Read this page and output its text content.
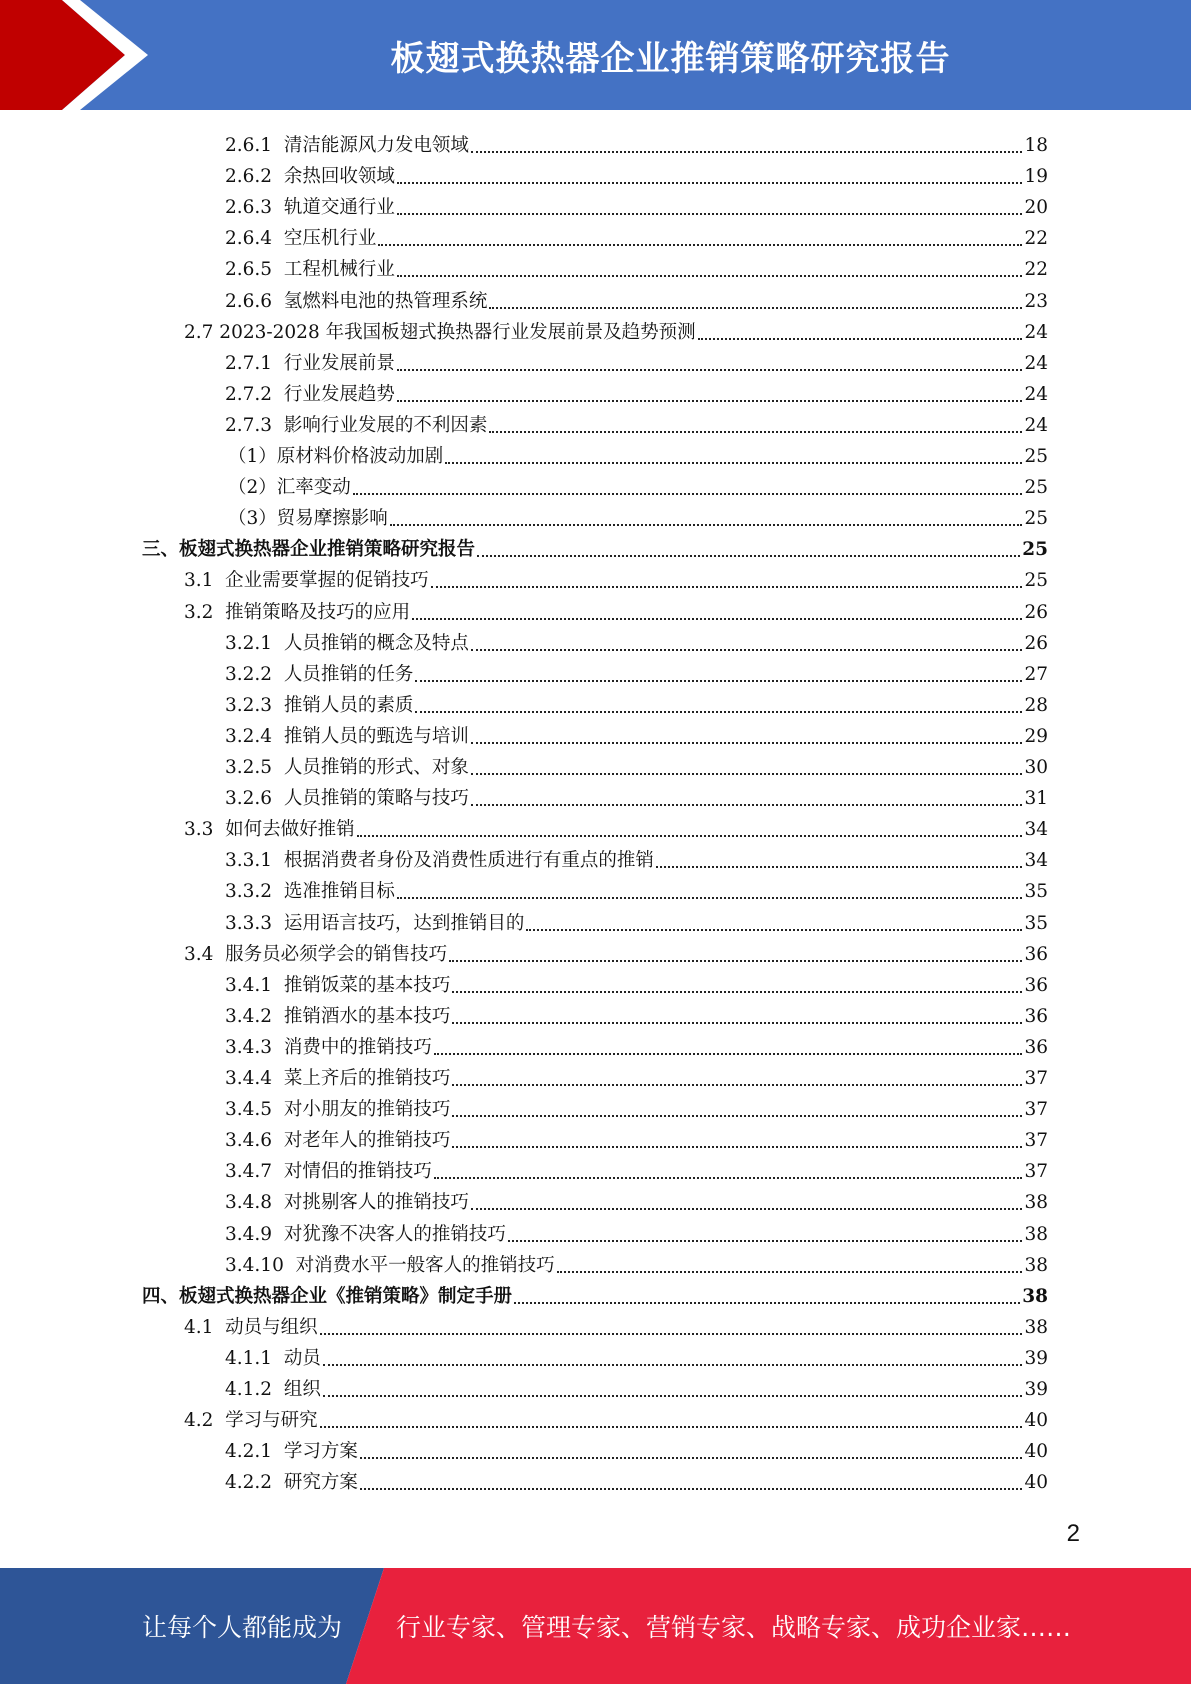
板翅式换热器企业推销策略研究报告
2.6.1  清洁能源风力发电领域	18
2.6.2  余热回收领域	19
2.6.3  轨道交通行业	20
2.6.4  空压机行业	22
2.6.5  工程机械行业	22
2.6.6  氢燃料电池的热管理系统	23
2.7 2023-2028 年我国板翅式换热器行业发展前景及趋势预测	24
2.7.1  行业发展前景	24
2.7.2  行业发展趋势	24
2.7.3  影响行业发展的不利因素	24
（1）原材料价格波动加剧	25
（2）汇率变动	25
（3）贸易摩擦影响	25
三、板翅式换热器企业推销策略研究报告	25
3.1  企业需要掌握的促销技巧	25
3.2  推销策略及技巧的应用	26
3.2.1  人员推销的概念及特点	26
3.2.2  人员推销的任务	27
3.2.3  推销人员的素质	28
3.2.4  推销人员的甄选与培训	29
3.2.5  人员推销的形式、对象	30
3.2.6  人员推销的策略与技巧	31
3.3  如何去做好推销	34
3.3.1  根据消费者身份及消费性质进行有重点的推销	34
3.3.2  选准推销目标	35
3.3.3  运用语言技巧，达到推销目的	35
3.4  服务员必须学会的销售技巧	36
3.4.1  推销饭菜的基本技巧	36
3.4.2  推销酒水的基本技巧	36
3.4.3  消费中的推销技巧	36
3.4.4  菜上齐后的推销技巧	37
3.4.5  对小朋友的推销技巧	37
3.4.6  对老年人的推销技巧	37
3.4.7  对情侣的推销技巧	37
3.4.8  对挑剔客人的推销技巧	38
3.4.9  对犹豫不决客人的推销技巧	38
3.4.10  对消费水平一般客人的推销技巧	38
四、板翅式换热器企业《推销策略》制定手册	38
4.1  动员与组织	38
4.1.1  动员	39
4.1.2  组织	39
4.2  学习与研究	40
4.2.1  学习方案	40
4.2.2  研究方案	40
2
让每个人都能成为 行业专家、管理专家、营销专家、战略专家、成功企业家……
